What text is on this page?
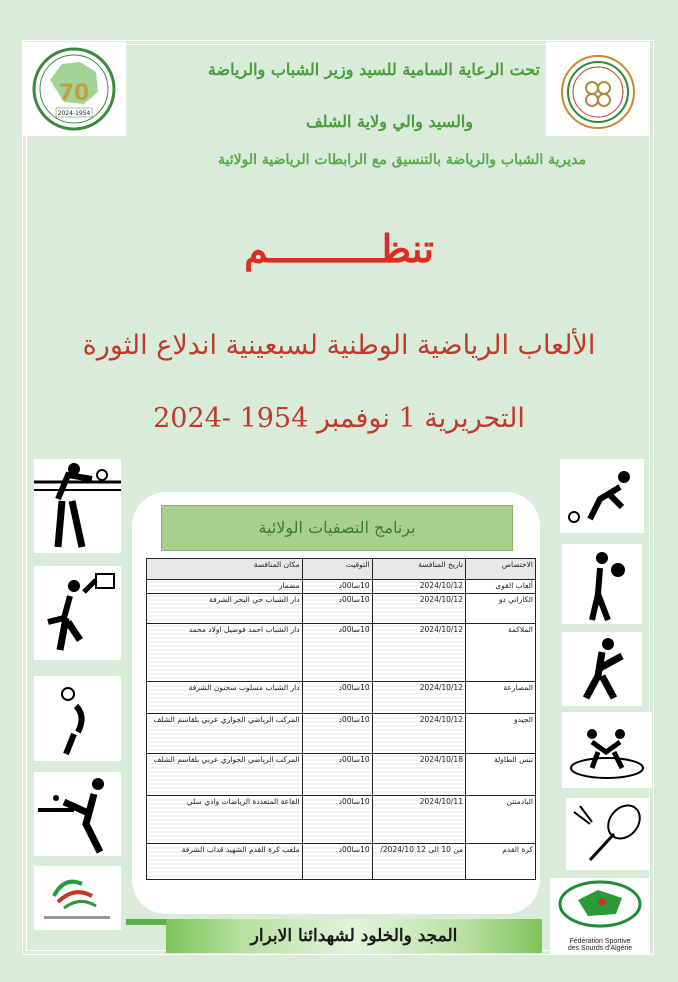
70
2024-1954
تحت الرعاية السامية للسيد وزير الشباب والرياضة
والسيد والي ولاية الشلف
مديرية الشباب والرياضة بالتنسيق مع الرابطات الرياضية الولائية
تنظــــــــــم
الألعاب الرياضية الوطنية لسبعينية اندلاع الثورة
التحريرية 1 نوفمبر 1954 -2024
Fédération Sportive
des Sourds d'Algérie
برنامج التصفيات الولائية
الاختصاص	تاريخ المنافسة	التوقيت	مكان المنافسة
ألعاب القوى	2024/10/12	10سا00د	مضمار
الكاراتي دو	2024/10/12	10سا00د	دار الشباب حي البحر الشرفة
الملاكمة	2024/10/12	10سا00د	دار الشباب احمد فوضيل اولاد محمد
المصارعة	2024/10/12	10سا00د	دار الشباب مسلوب سحنون الشرفة
الجيدو	2024/10/12	10سا00د	المركب الرياضي الجواري عربي بلقاسم الشلف
تنس الطاولة	2024/10/18	10سا00د	المركب الرياضي الجواري عربي بلقاسم الشلف
البادمنتن	2024/10/11	10سا00د	القاعة المتعددة الرياضات وادي سلي
كرة القدم	من 10 الى 12 2024/10/	10سا00د	ملعب كرة القدم الشهيد قداب الشرفة
المجد والخلود لشهدائنا الابرار
